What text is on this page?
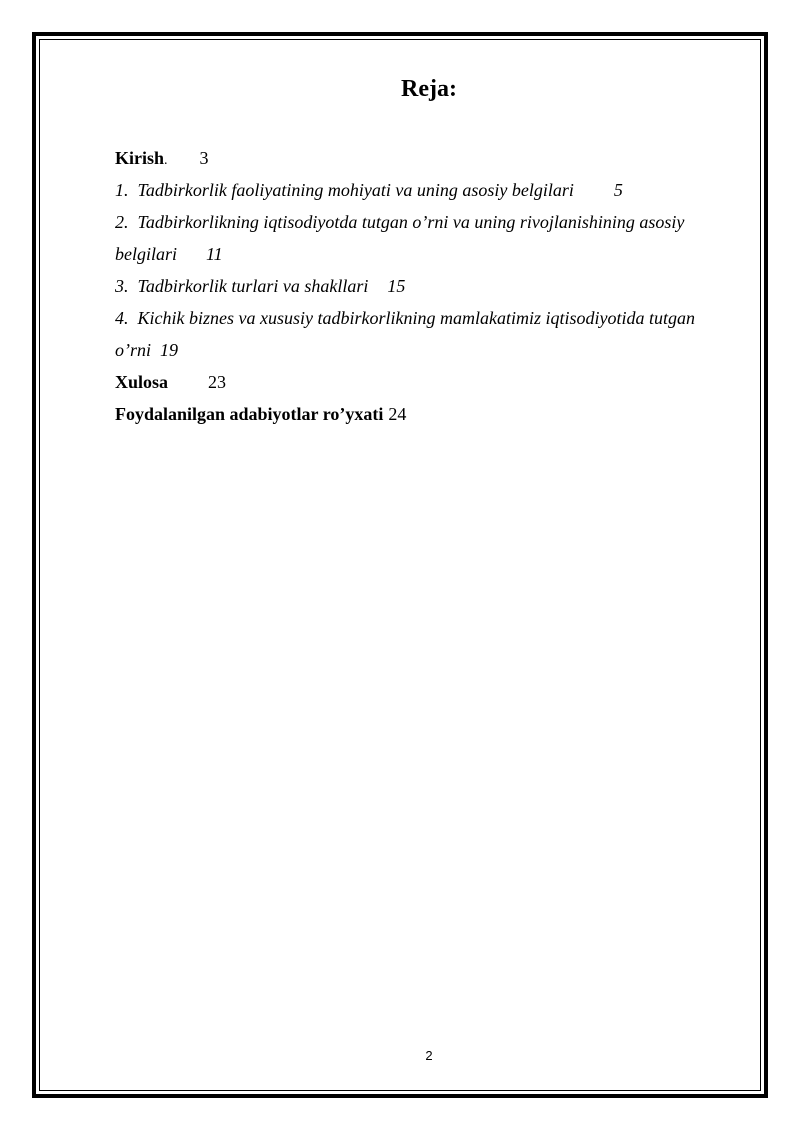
Reja:
Kirish. 3
1. Tadbirkorlik faoliyatining mohiyati va uning asosiy belgilari 5
2. Tadbirkorlikning iqtisodiyotda tutgan o’rni va uning rivojlanishining asosiy
belgilari 11
3. Tadbirkorlik turlari va shakllari 15
4. Kichik biznes va xususiy tadbirkorlikning mamlakatimiz iqtisodiyotida tutgan
o’rni 19
Xulosa 23
Foydalanilgan adabiyotlar ro’yxati 24
2
